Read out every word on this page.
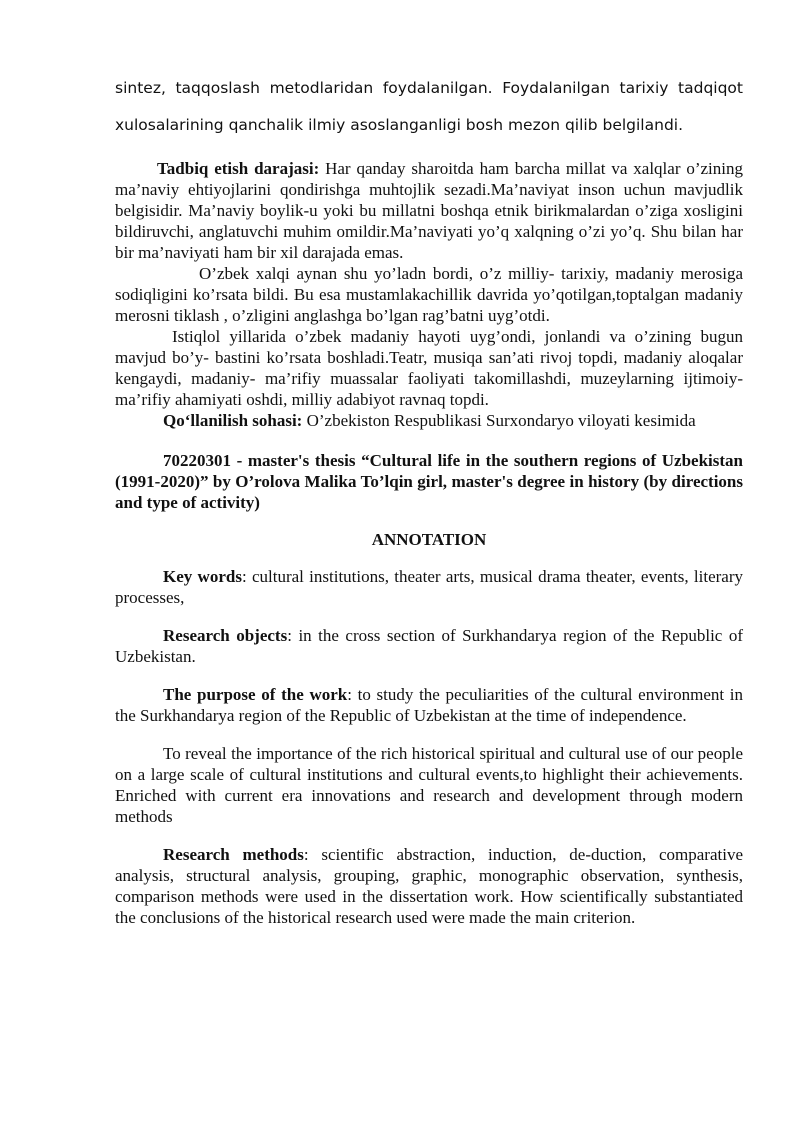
sintez, taqqoslash metodlaridan foydalanilgan. Foydalanilgan tarixiy tadqiqot xulosalarining qanchalik ilmiy asoslanganligi bosh mezon qilib belgilandi.

Tadbiq etish darajasi: Har qanday sharoitda ham barcha millat va xalqlar o’zining ma’naviy ehtiyojlarini qondirishga muhtojlik sezadi.Ma’naviyat inson uchun mavjudlik belgisidir. Ma’naviy boylik-u yoki bu millatni boshqa etnik birikmalardan o’ziga xosligini bildiruvchi, anglatuvchi muhim omildir.Ma’naviyati yo’q xalqning o’zi yo’q. Shu bilan har bir ma’naviyati ham bir xil darajada emas.

O’zbek xalqi aynan shu yo’ladn bordi, o’z milliy- tarixiy, madaniy merosiga sodiqligini ko’rsata bildi. Bu esa mustamlakachillik davrida yo’qotilgan,toptalgan madaniy merosni tiklash , o’zligini anglashga bo’lgan rag’batni uyg’otdi.

Istiqlol yillarida o’zbek madaniy hayoti uyg’ondi, jonlandi va o’zining bugun mavjud bo’y- bastini ko’rsata boshladi.Teatr, musiqa san’ati rivoj topdi, madaniy aloqalar kengaydi, madaniy- ma’rifiy muassalar faoliyati takomillashdi, muzeylarning ijtimoiy- ma’rifiy ahamiyati oshdi, milliy adabiyot ravnaq topdi.

Qo‘llanilish sohasi: O’zbekiston Respublikasi Surxondaryo viloyati kesimida

70220301 - master's thesis “Cultural life in the southern regions of Uzbekistan (1991-2020)” by O’rolova Malika To’lqin girl, master's degree in history (by directions and type of activity)

ANNOTATION

Key words: cultural institutions, theater arts, musical drama theater, events, literary processes,

Research objects: in the cross section of Surkhandarya region of the Republic of Uzbekistan.

The purpose of the work: to study the peculiarities of the cultural environment in the Surkhandarya region of the Republic of Uzbekistan at the time of independence.

To reveal the importance of the rich historical spiritual and cultural use of our people on a large scale of cultural institutions and cultural events,to highlight their achievements. Enriched with current era innovations and research and development through modern methods

Research methods: scientific abstraction, induction, de-duction, comparative analysis, structural analysis, grouping, graphic, monographic observation, synthesis, comparison methods were used in the dissertation work. How scientifically substantiated the conclusions of the historical research used were made the main criterion.
